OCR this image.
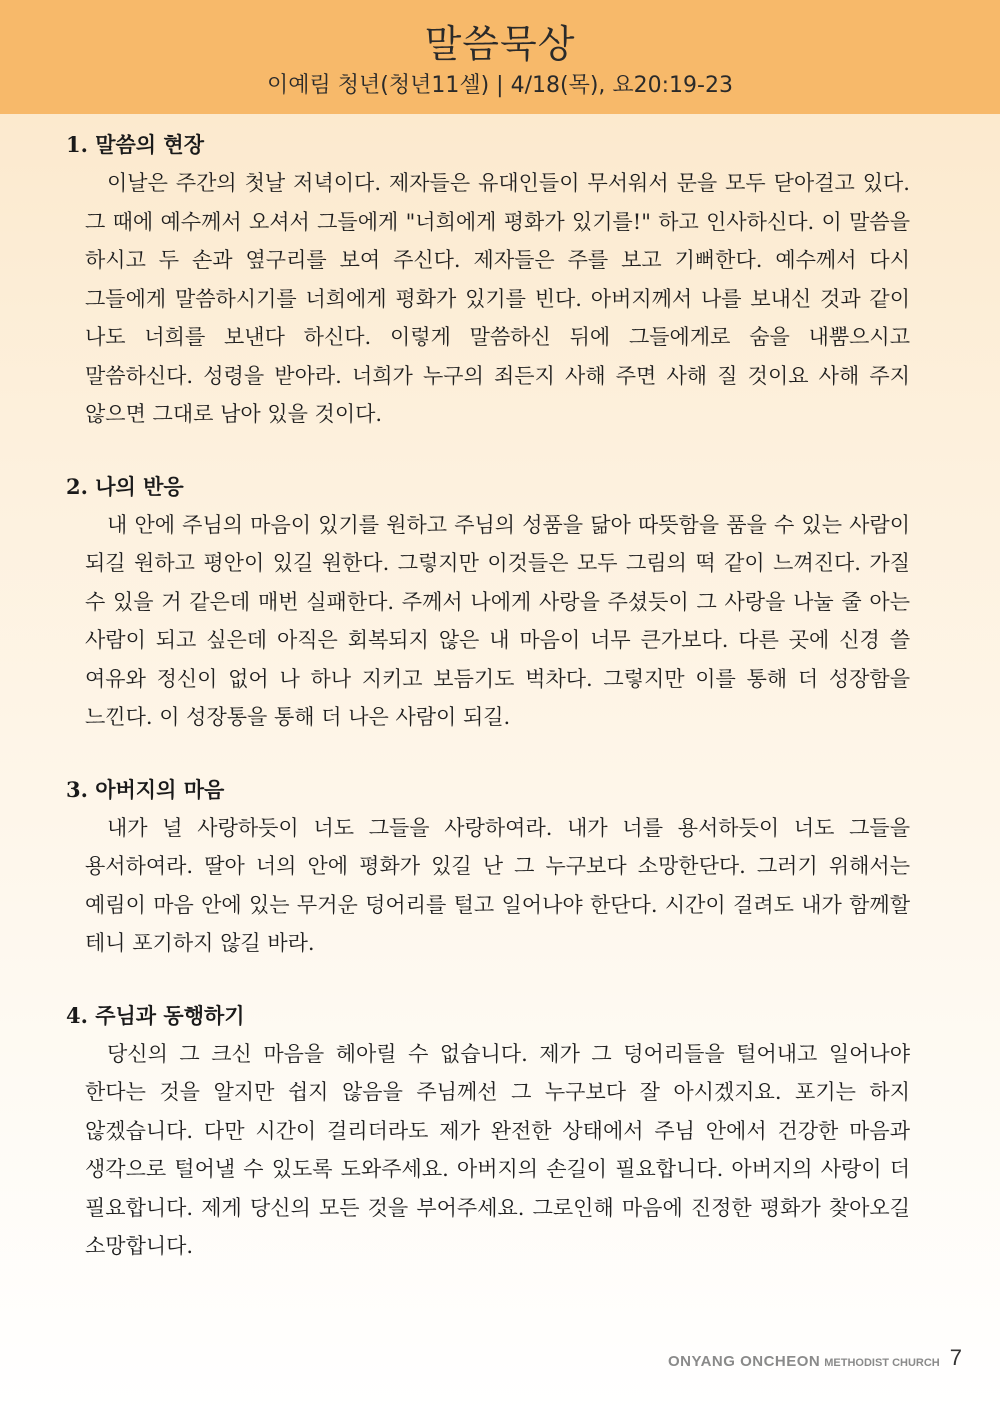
말씀묵상
이예림 청년(청년11셀) | 4/18(목), 요20:19-23
1. 말씀의 현장
이날은 주간의 첫날 저녁이다. 제자들은 유대인들이 무서워서 문을 모두 닫아걸고 있다. 그 때에 예수께서 오셔서 그들에게 "너희에게 평화가 있기를!" 하고 인사하신다. 이 말씀을 하시고 두 손과 옆구리를 보여 주신다. 제자들은 주를 보고 기뻐한다. 예수께서 다시 그들에게 말씀하시기를 너희에게 평화가 있기를 빈다. 아버지께서 나를 보내신 것과 같이 나도 너희를 보낸다 하신다. 이렇게 말씀하신 뒤에 그들에게로 숨을 내뿜으시고 말씀하신다. 성령을 받아라. 너희가 누구의 죄든지 사해 주면 사해 질 것이요 사해 주지 않으면 그대로 남아 있을 것이다.
2. 나의 반응
내 안에 주님의 마음이 있기를 원하고 주님의 성품을 닮아 따뜻함을 품을 수 있는 사람이 되길 원하고 평안이 있길 원한다. 그렇지만 이것들은 모두 그림의 떡 같이 느껴진다. 가질 수 있을 거 같은데 매번 실패한다. 주께서 나에게 사랑을 주셨듯이 그 사랑을 나눌 줄 아는 사람이 되고 싶은데 아직은 회복되지 않은 내 마음이 너무 큰가보다. 다른 곳에 신경 쓸 여유와 정신이 없어 나 하나 지키고 보듬기도 벅차다. 그렇지만 이를 통해 더 성장함을 느낀다. 이 성장통을 통해 더 나은 사람이 되길.
3. 아버지의 마음
내가 널 사랑하듯이 너도 그들을 사랑하여라. 내가 너를 용서하듯이 너도 그들을 용서하여라. 딸아 너의 안에 평화가 있길 난 그 누구보다 소망한단다. 그러기 위해서는 예림이 마음 안에 있는 무거운 덩어리를 털고 일어나야 한단다. 시간이 걸려도 내가 함께할 테니 포기하지 않길 바라.
4. 주님과 동행하기
당신의 그 크신 마음을 헤아릴 수 없습니다. 제가 그 덩어리들을 털어내고 일어나야 한다는 것을 알지만 쉽지 않음을 주님께선 그 누구보다 잘 아시겠지요. 포기는 하지 않겠습니다. 다만 시간이 걸리더라도 제가 완전한 상태에서 주님 안에서 건강한 마음과 생각으로 털어낼 수 있도록 도와주세요. 아버지의 손길이 필요합니다. 아버지의 사랑이 더 필요합니다. 제게 당신의 모든 것을 부어주세요. 그로인해 마음에 진정한 평화가 찾아오길 소망합니다.
ONYANG ONCHEON METHODIST CHURCH 7
